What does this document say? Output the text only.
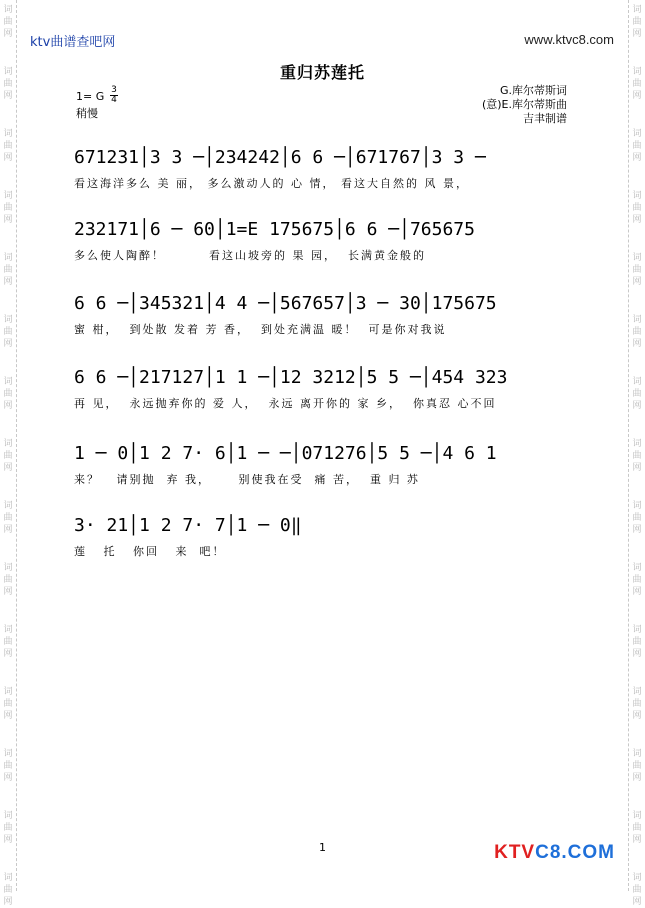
词
曲
网
词
曲
网
词
曲
网
词
曲
网
词
曲
网
词
曲
网
词
曲
网
词
曲
网
词
曲
网
词
曲
网
词
曲
网
词
曲
网
词
曲
网
词
曲
网
词
曲
网
词
曲
网
词
曲
网
词
曲
网
词
曲
网
词
曲
网
词
曲
网
词
曲
网
词
曲
网
词
曲
网
词
曲
网
词
曲
网
词
曲
网
词
曲
网
词
曲
网
词
曲
网
ktv曲谱查吧网	www.ktvc8.com
重归苏莲托
1= G 3
4
稍慢
G.库尔蒂斯词
(意)E.库尔蒂斯曲
吉聿制谱
671231│3 3 ─│234242│6 6 ─│671767│3 3 ─
看这海洋多么 美 丽， 多么激动人的 心 情， 看这大自然的 风 景，
232171│6 ─ 60│1=E 175675│6 6 ─│765675
多么使人陶醉！        看这山坡旁的 果 园，  长满黄金般的
6 6 ─│345321│4 4 ─│567657│3 ─ 30│175675
蜜 柑，  到处散 发着 芳 香，  到处充满温 暖！  可是你对我说
6 6 ─│217127│1 1 ─│12 3212│5 5 ─│454 323
再 见，  永远抛弃你的 爱 人，  永远 离开你的 家 乡，  你真忍 心不回
1 ─ 0│1 2 7· 6│1 ─ ─│071276│5 5 ─│4 6 1
来？   请别抛  弃 我，     别使我在受  痛 苦，  重 归 苏
3· 21│1 2 7· 7│1 ─ 0‖
莲   托   你回   来  吧！
1	KTVC8.COM
